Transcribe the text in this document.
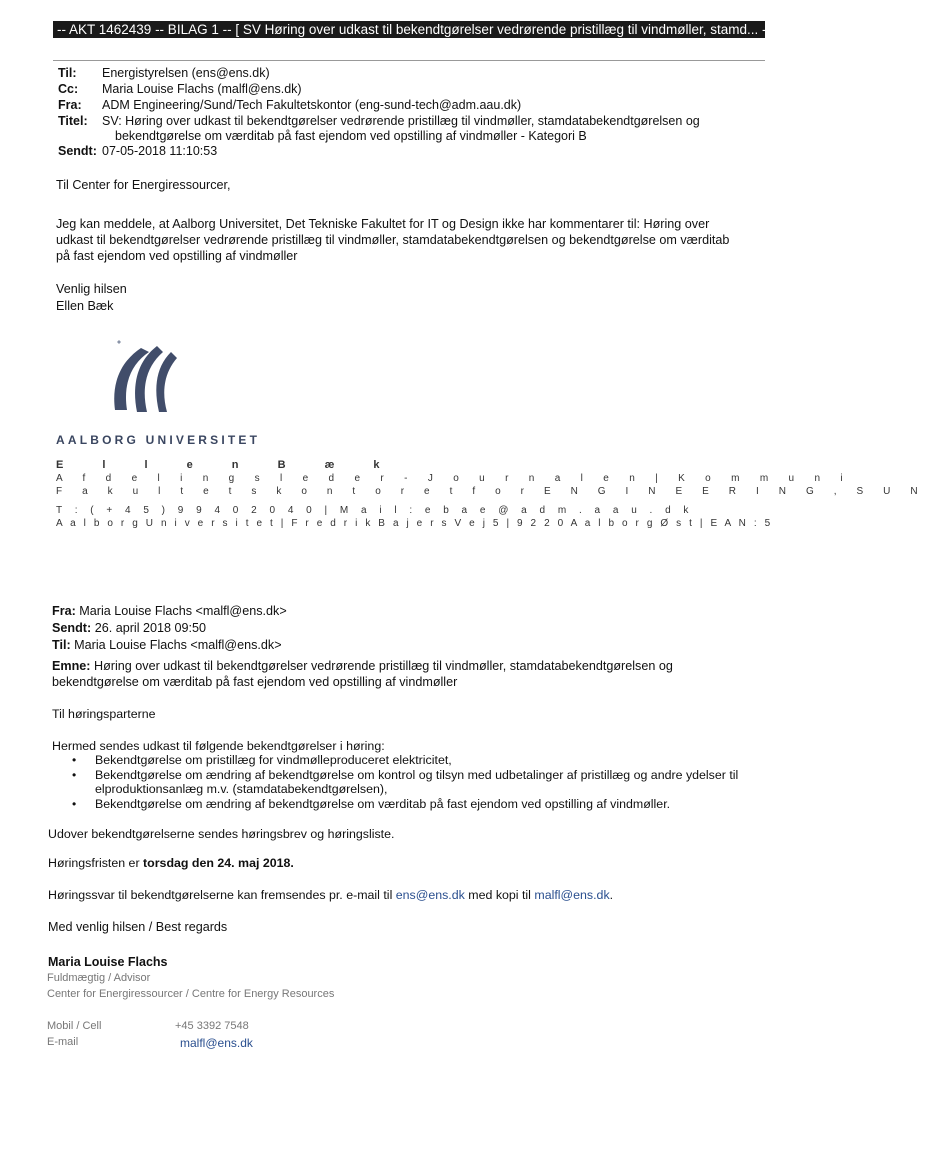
-- AKT 1462439 -- BILAG 1 -- [ SV Høring over udkast til bekendtgørelser vedrørende pristillæg til vindmøller, stamd... --
Til: Energistyrelsen (ens@ens.dk)
Cc: Maria Louise Flachs (malfl@ens.dk)
Fra: ADM Engineering/Sund/Tech Fakultetskontor (eng-sund-tech@adm.aau.dk)
Titel: SV: Høring over udkast til bekendtgørelser vedrørende pristillæg til vindmøller, stamdatabekendtgørelsen og
bekendtgørelse om værditab på fast ejendom ved opstilling af vindmøller - Kategori B
Sendt: 07-05-2018 11:10:53
Til Center for Energiressourcer,
Jeg kan meddele, at Aalborg Universitet, Det Tekniske Fakultet for IT og Design ikke har kommentarer til: Høring over
udkast til bekendtgørelser vedrørende pristillæg til vindmøller, stamdatabekendtgørelsen og bekendtgørelse om værditab
på fast ejendom ved opstilling af vindmøller
Venlig hilsen
Ellen Bæk
AALBORG UNIVERSITET
E l l e n B æ k
A f d e l i n g s l e d e r - J o u r n a l e n | K o m m u n i
F a k u l t e t s k o n t o r e t f o r E N G I N E E R I N G , S U N
T : ( + 4 5 ) 9 9 4 0 2 0 4 0 | M a i l : e b a e @ a d m . a a u . d k
A a l b o r g U n i v e r s i t e t | F r e d r i k B a j e r s V e j 5 | 9 2 2 0 A a l b o r g Ø s t | E A N : 5
Fra: Maria Louise Flachs <malfl@ens.dk>
Sendt: 26. april 2018 09:50
Til: Maria Louise Flachs <malfl@ens.dk>
Emne: Høring over udkast til bekendtgørelser vedrørende pristillæg til vindmøller, stamdatabekendtgørelsen og
bekendtgørelse om værditab på fast ejendom ved opstilling af vindmøller
Til høringsparterne
Hermed sendes udkast til følgende bekendtgørelser i høring:
• Bekendtgørelse om pristillæg for vindmølleproduceret elektricitet,
• Bekendtgørelse om ændring af bekendtgørelse om kontrol og tilsyn med udbetalinger af pristillæg og andre ydelser til
elproduktionsanlæg m.v. (stamdatabekendtgørelsen),
• Bekendtgørelse om ændring af bekendtgørelse om værditab på fast ejendom ved opstilling af vindmøller.
Udover bekendtgørelserne sendes høringsbrev og høringsliste.
Høringsfristen er torsdag den 24. maj 2018.
Høringssvar til bekendtgørelserne kan fremsendes pr. e-mail til ens@ens.dk med kopi til malfl@ens.dk.
Med venlig hilsen / Best regards
Maria Louise Flachs
Fuldmægtig / Advisor
Center for Energiressourcer / Centre for Energy Resources
Mobil / Cell	+45 3392 7548
E-mail	malfl@ens.dk
